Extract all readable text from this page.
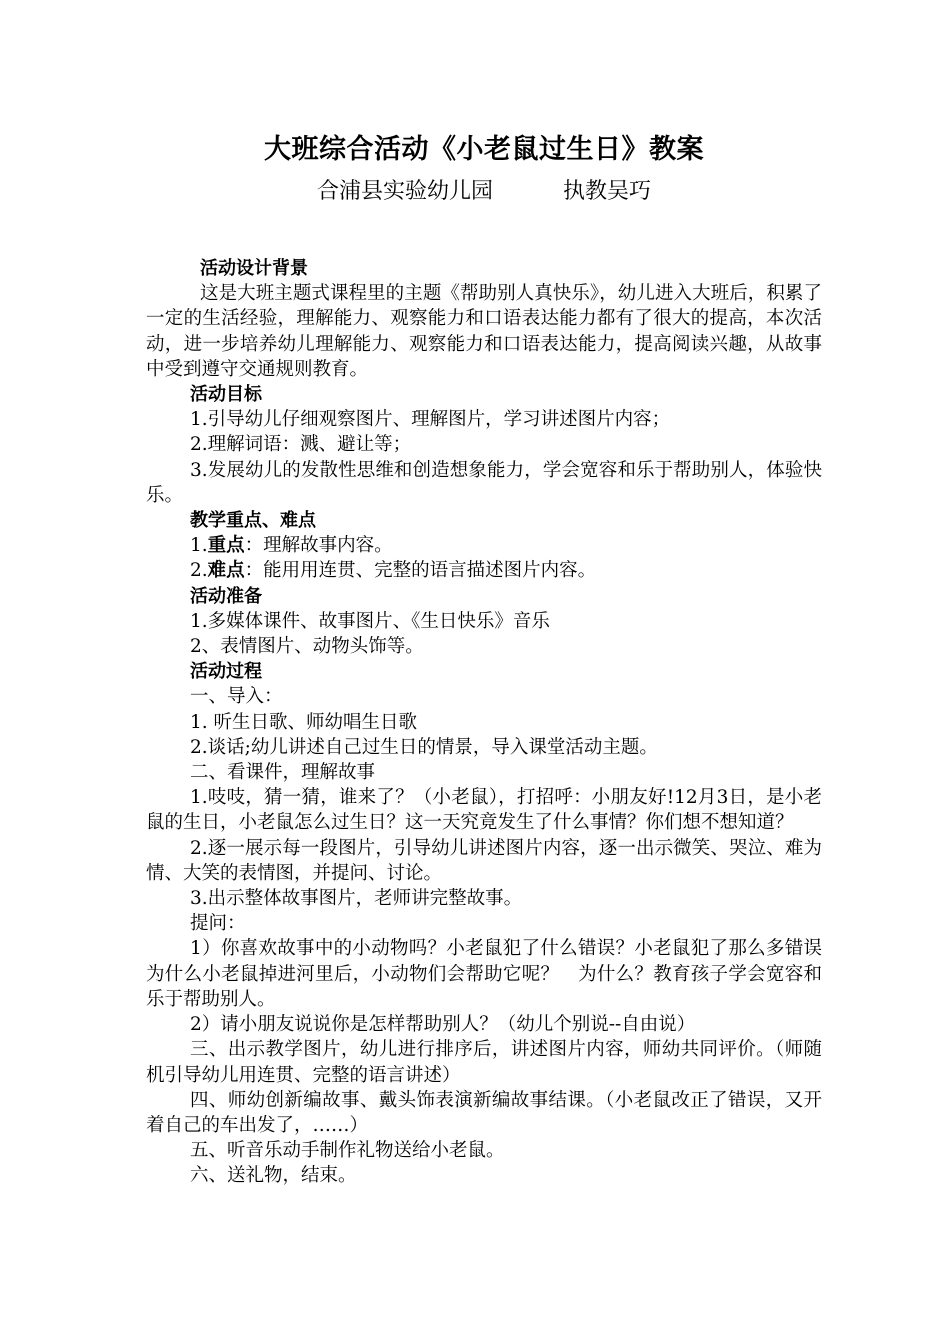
大班综合活动《小老鼠过生日》教案
合浦县实验幼儿园	执教吴巧

活动设计背景

这是大班主题式课程里的主题《帮助别人真快乐》，幼儿进入大班后，积累了一定的生活经验，理解能力、观察能力和口语表达能力都有了很大的提高，本次活动，进一步培养幼儿理解能力、观察能力和口语表达能力，提高阅读兴趣，从故事中受到遵守交通规则教育。

活动目标

1.引导幼儿仔细观察图片、理解图片，学习讲述图片内容；

2.理解词语：溅、避让等；

3.发展幼儿的发散性思维和创造想象能力，学会宽容和乐于帮助别人，体验快乐。

教学重点、难点

1.重点：理解故事内容。

2.难点：能用用连贯、完整的语言描述图片内容。

活动准备

1.多媒体课件、故事图片、《生日快乐》音乐

2、表情图片、动物头饰等。

活动过程

一、导入：

1. 听生日歌、师幼唱生日歌

2.谈话;幼儿讲述自己过生日的情景，导入课堂活动主题。

二、看课件，理解故事

1.吱吱，猜一猜，谁来了？（小老鼠），打招呼：小朋友好!12月3日，是小老鼠的生日，小老鼠怎么过生日？这一天究竟发生了什么事情？你们想不想知道？

2.逐一展示每一段图片，引导幼儿讲述图片内容，逐一出示微笑、哭泣、难为情、大笑的表情图，并提问、讨论。

3.出示整体故事图片，老师讲完整故事。

提问：

1）你喜欢故事中的小动物吗？小老鼠犯了什么错误？小老鼠犯了那么多错误为什么小老鼠掉进河里后，小动物们会帮助它呢？　为什么？教育孩子学会宽容和乐于帮助别人。

2）请小朋友说说你是怎样帮助别人？（幼儿个别说--自由说）

三、出示教学图片，幼儿进行排序后，讲述图片内容，师幼共同评价。（师随机引导幼儿用连贯、完整的语言讲述）

四、师幼创新编故事、戴头饰表演新编故事结课。（小老鼠改正了错误，又开着自己的车出发了，……）

五、听音乐动手制作礼物送给小老鼠。

六、送礼物，结束。
